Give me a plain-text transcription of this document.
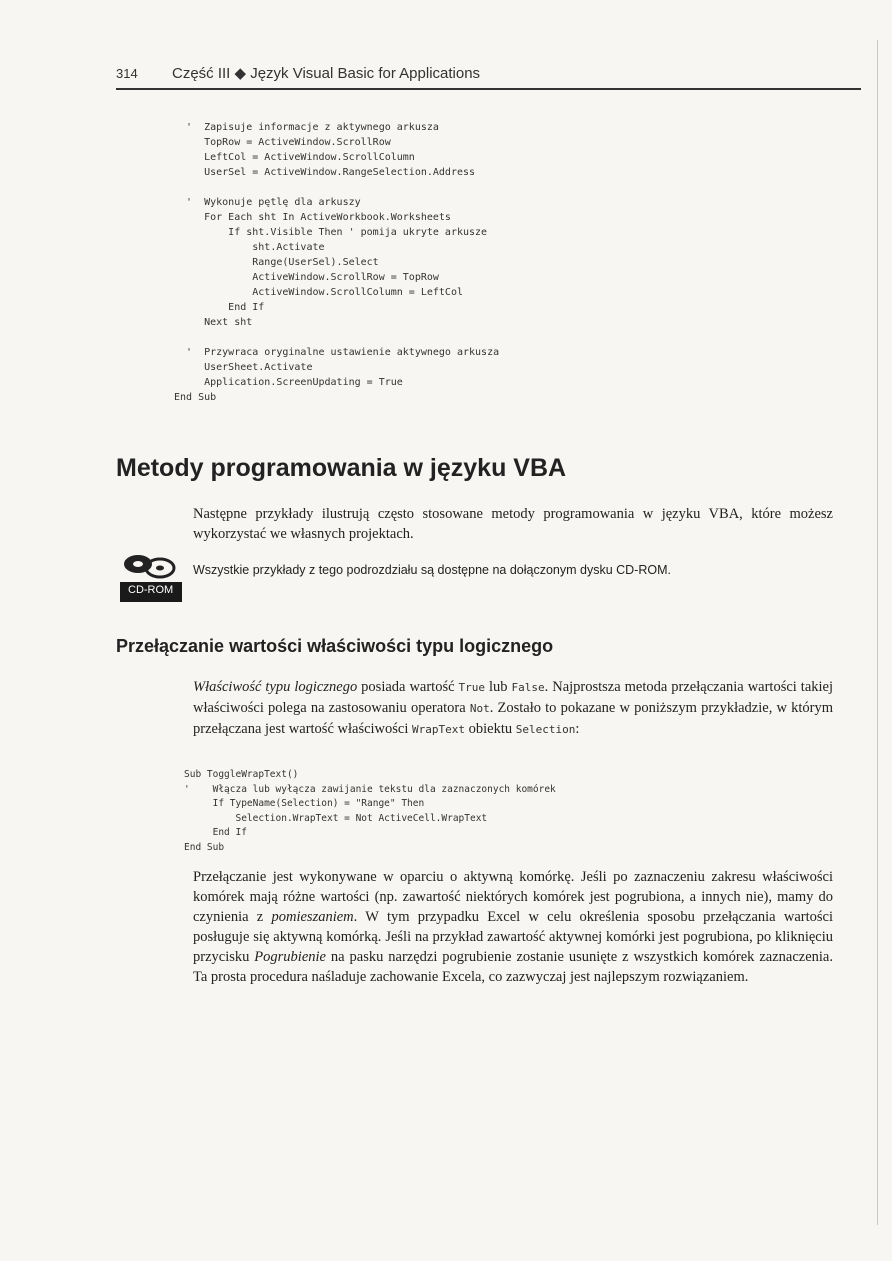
314 Część III ◆ Język Visual Basic for Applications
'  Zapisuje informacje z aktywnego arkusza
TopRow = ActiveWindow.ScrollRow
LeftCol = ActiveWindow.ScrollColumn
UserSel = ActiveWindow.RangeSelection.Address

'  Wykonuje pętlę dla arkuszy
For Each sht In ActiveWorkbook.Worksheets
If sht.Visible Then ' pomija ukryte arkusze
sht.Activate
Range(UserSel).Select
ActiveWindow.ScrollRow = TopRow
ActiveWindow.ScrollColumn = LeftCol
End If
Next sht

'  Przywraca oryginalne ustawienie aktywnego arkusza
UserSheet.Activate
Application.ScreenUpdating = True
End Sub
Metody programowania w języku VBA

Następne przykłady ilustrują często stosowane metody programowania w języku VBA, które możesz wykorzystać we własnych projektach.

CD-ROM
Wszystkie przykłady z tego podrozdziału są dostępne na dołączonym dysku CD-ROM.
Przełączanie wartości właściwości typu logicznego

Właściwość typu logicznego posiada wartość True lub False. Najprostsza metoda przełączania wartości takiej właściwości polega na zastosowaniu operatora Not. Zostało to pokazane w poniższym przykładzie, w którym przełączana jest wartość właściwości WrapText obiektu Selection:

Sub ToggleWrapText()
'    Włącza lub wyłącza zawijanie tekstu dla zaznaczonych komórek
If TypeName(Selection) = "Range" Then
Selection.WrapText = Not ActiveCell.WrapText
End If
End Sub

Przełączanie jest wykonywane w oparciu o aktywną komórkę. Jeśli po zaznaczeniu zakresu właściwości komórek mają różne wartości (np. zawartość niektórych komórek jest pogrubiona, a innych nie), mamy do czynienia z pomieszaniem. W tym przypadku Excel w celu określenia sposobu przełączania wartości posługuje się aktywną komórką. Jeśli na przykład zawartość aktywnej komórki jest pogrubiona, po kliknięciu przycisku Pogrubienie na pasku narzędzi pogrubienie zostanie usunięte z wszystkich komórek zaznaczenia. Ta prosta procedura naśladuje zachowanie Excela, co zazwyczaj jest najlepszym rozwiązaniem.
